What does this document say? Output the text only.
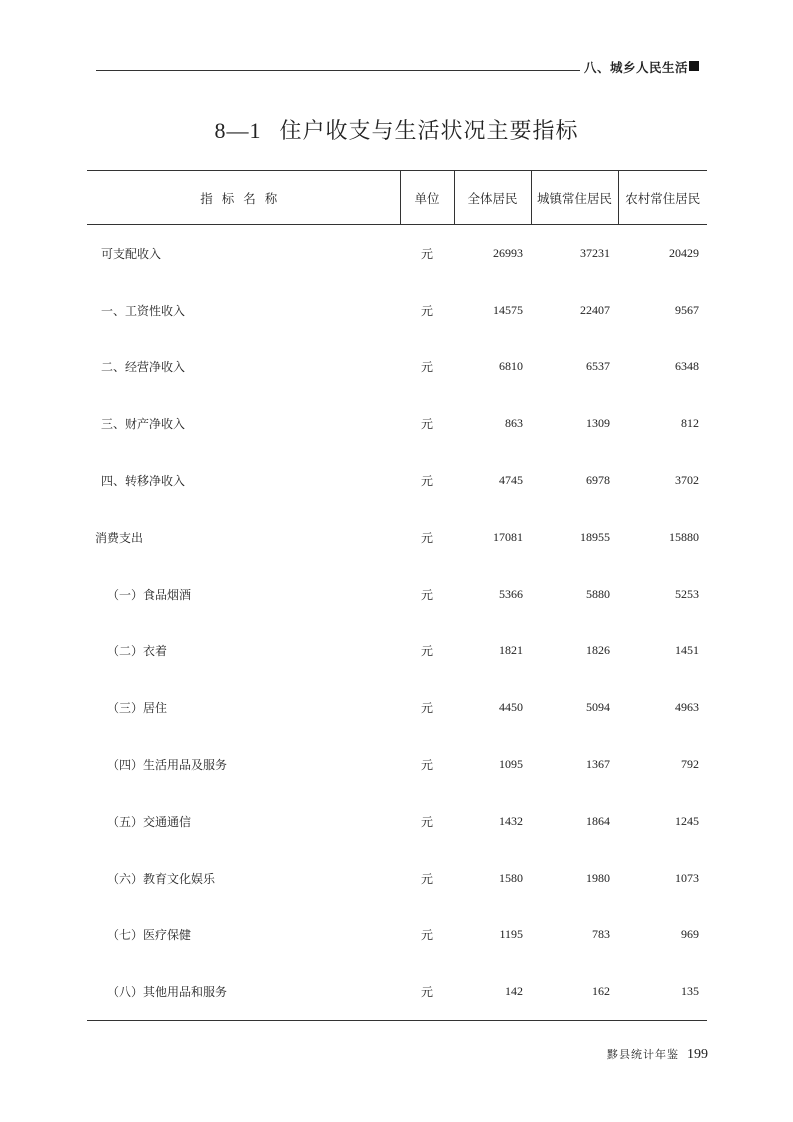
八、城乡人民生活
8—1 住户收支与生活状况主要指标
指标名称	单位	全体居民	城镇常住居民	农村常住居民
可支配收入	元	26993	37231	20429
一、工资性收入	元	14575	22407	9567
二、经营净收入	元	6810	6537	6348
三、财产净收入	元	863	1309	812
四、转移净收入	元	4745	6978	3702
消费支出	元	17081	18955	15880
（一）食品烟酒	元	5366	5880	5253
（二）衣着	元	1821	1826	1451
（三）居住	元	4450	5094	4963
（四）生活用品及服务	元	1095	1367	792
（五）交通通信	元	1432	1864	1245
（六）教育文化娱乐	元	1580	1980	1073
（七）医疗保健	元	1195	783	969
（八）其他用品和服务	元	142	162	135
黟县统计年鉴 199
